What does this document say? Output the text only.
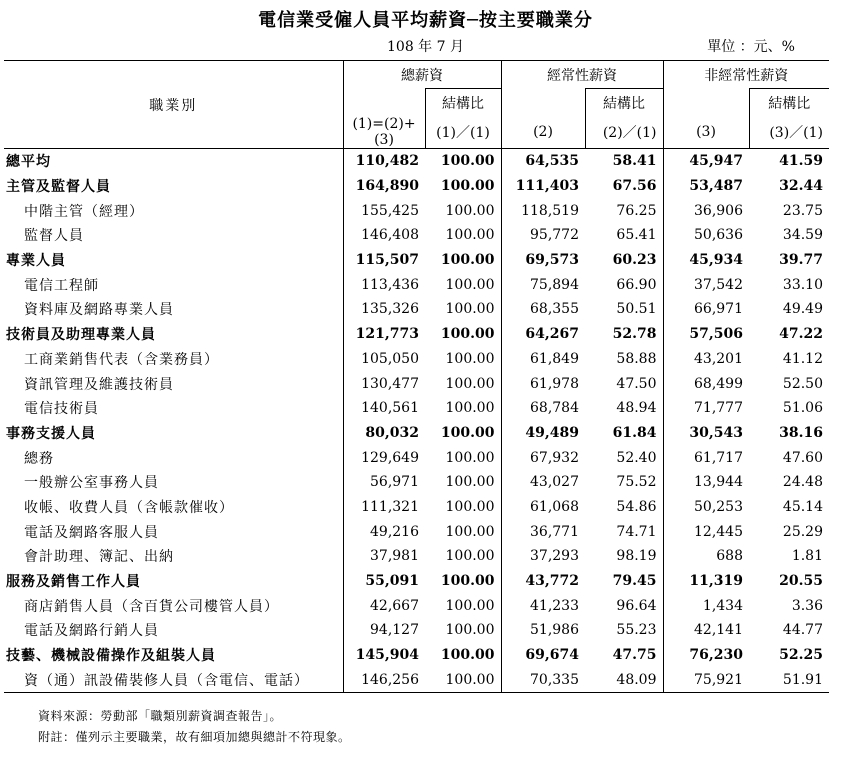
電信業受僱人員平均薪資─按主要職業分
108 年 7 月	單位 ：元、%
職業別	總薪資		經常性薪資		非經常性薪資	
		結構比		結構比		結構比
	(1)=(2)+(3)	(1)／(1)	(2)	(2)／(1)	(3)	(3)／(1)
總平均	110,482	100.00	64,535	58.41	45,947	41.59
主管及監督人員	164,890	100.00	111,403	67.56	53,487	32.44
中階主管（經理）	155,425	100.00	118,519	76.25	36,906	23.75
監督人員	146,408	100.00	95,772	65.41	50,636	34.59
專業人員	115,507	100.00	69,573	60.23	45,934	39.77
電信工程師	113,436	100.00	75,894	66.90	37,542	33.10
資料庫及網路專業人員	135,326	100.00	68,355	50.51	66,971	49.49
技術員及助理專業人員	121,773	100.00	64,267	52.78	57,506	47.22
工商業銷售代表（含業務員）	105,050	100.00	61,849	58.88	43,201	41.12
資訊管理及維護技術員	130,477	100.00	61,978	47.50	68,499	52.50
電信技術員	140,561	100.00	68,784	48.94	71,777	51.06
事務支援人員	80,032	100.00	49,489	61.84	30,543	38.16
總務	129,649	100.00	67,932	52.40	61,717	47.60
一般辦公室事務人員	56,971	100.00	43,027	75.52	13,944	24.48
收帳、收費人員（含帳款催收）	111,321	100.00	61,068	54.86	50,253	45.14
電話及網路客服人員	49,216	100.00	36,771	74.71	12,445	25.29
會計助理、簿記、出納	37,981	100.00	37,293	98.19	688	1.81
服務及銷售工作人員	55,091	100.00	43,772	79.45	11,319	20.55
商店銷售人員（含百貨公司樓管人員）	42,667	100.00	41,233	96.64	1,434	3.36
電話及網路行銷人員	94,127	100.00	51,986	55.23	42,141	44.77
技藝、機械設備操作及組裝人員	145,904	100.00	69,674	47.75	76,230	52.25
資（通）訊設備裝修人員（含電信、電話）	146,256	100.00	70,335	48.09	75,921	51.91
資料來源：勞動部「職類別薪資調查報告」。
附註：僅列示主要職業，故有細項加總與總計不符現象。
